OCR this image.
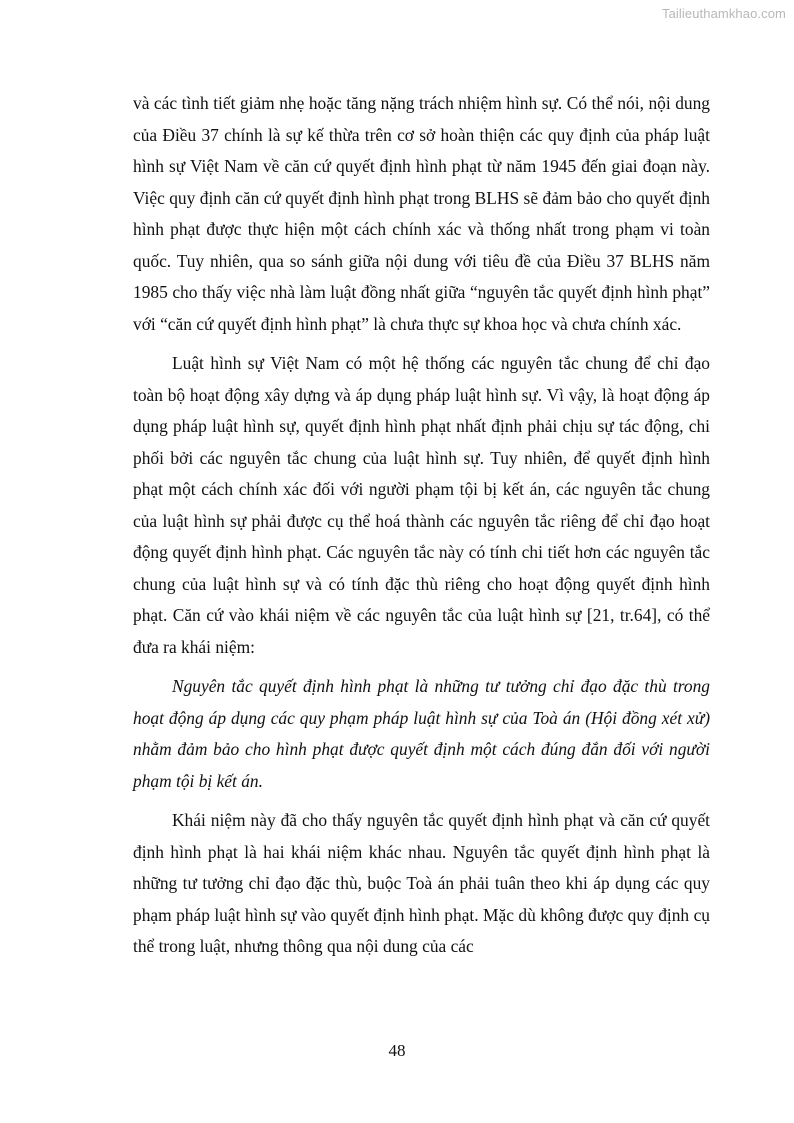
Tailieuthamkhao.com

và các tình tiết giảm nhẹ hoặc tăng nặng trách nhiệm hình sự. Có thể nói, nội dung của Điều 37 chính là sự kế thừa trên cơ sở hoàn thiện các quy định của pháp luật hình sự Việt Nam về căn cứ quyết định hình phạt từ năm 1945 đến giai đoạn này. Việc quy định căn cứ quyết định hình phạt trong BLHS sẽ đảm bảo cho quyết định hình phạt được thực hiện một cách chính xác và thống nhất trong phạm vi toàn quốc. Tuy nhiên, qua so sánh giữa nội dung với tiêu đề của Điều 37 BLHS năm 1985 cho thấy việc nhà làm luật đồng nhất giữa “nguyên tắc quyết định hình phạt” với “căn cứ quyết định hình phạt” là chưa thực sự khoa học và chưa chính xác.

Luật hình sự Việt Nam có một hệ thống các nguyên tắc chung để chỉ đạo toàn bộ hoạt động xây dựng và áp dụng pháp luật hình sự. Vì vậy, là hoạt động áp dụng pháp luật hình sự, quyết định hình phạt nhất định phải chịu sự tác động, chi phối bởi các nguyên tắc chung của luật hình sự. Tuy nhiên, để quyết định hình phạt một cách chính xác đối với người phạm tội bị kết án, các nguyên tắc chung của luật hình sự phải được cụ thể hoá thành các nguyên tắc riêng để chỉ đạo hoạt động quyết định hình phạt. Các nguyên tắc này có tính chi tiết hơn các nguyên tắc chung của luật hình sự và có tính đặc thù riêng cho hoạt động quyết định hình phạt. Căn cứ vào khái niệm về các nguyên tắc của luật hình sự [21, tr.64], có thể đưa ra khái niệm:

Nguyên tắc quyết định hình phạt là những tư tưởng chỉ đạo đặc thù trong hoạt động áp dụng các quy phạm pháp luật hình sự của Toà án (Hội đồng xét xử) nhằm đảm bảo cho hình phạt được quyết định một cách đúng đắn đối với người phạm tội bị kết án.

Khái niệm này đã cho thấy nguyên tắc quyết định hình phạt và căn cứ quyết định hình phạt là hai khái niệm khác nhau. Nguyên tắc quyết định hình phạt là những tư tưởng chỉ đạo đặc thù, buộc Toà án phải tuân theo khi áp dụng các quy phạm pháp luật hình sự vào quyết định hình phạt. Mặc dù không được quy định cụ thể trong luật, nhưng thông qua nội dung của các

48
